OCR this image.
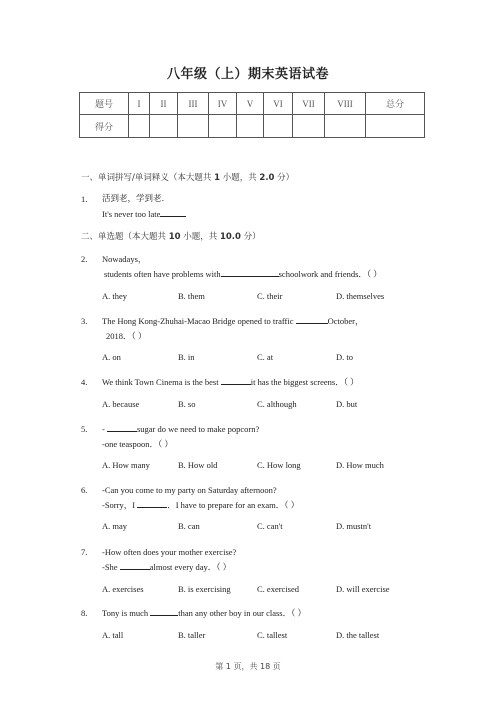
八年级（上）期末英语试卷
题号	I	II	III	IV	V	VI	VII	VIII	总分
得分									
一、单词拼写/单词释义（本大题共 1 小题，共 2.0 分）
1. 活到老，学到老.
It's never too late
二、单选题（本大题共 10 小题，共 10.0 分）
2. Nowadays，
students often have problems with	schoolwork and friends．（ ）
A. they	B. them	C. their	D. themselves
3. The Hong Kong-Zhuhai-Macao Bridge opened to traffic	October，
2018．（ ）
A. on	B. in	C. at	D. to
4. We think Town Cinema is the best	it has the biggest screens．（ ）
A. because	B. so	C. although	D. but
5. -	sugar do we need to make popcorn?
-one teaspoon．（ ）
A. How many	B. How old	C. How long	D. How much
6. -Can you come to my party on Saturday afternoon?
-Sorry，I	．I have to prepare for an exam．（ ）
A. may	B. can	C. can't	D. mustn't
7. -How often does your mother exercise?
-She	almost every day．（ ）
A. exercises	B. is exercising	C. exercised	D. will exercise
8. Tony is much	than any other boy in our class．（ ）
A. tall	B. taller	C. tallest	D. the tallest
第 1 页，共 18 页
